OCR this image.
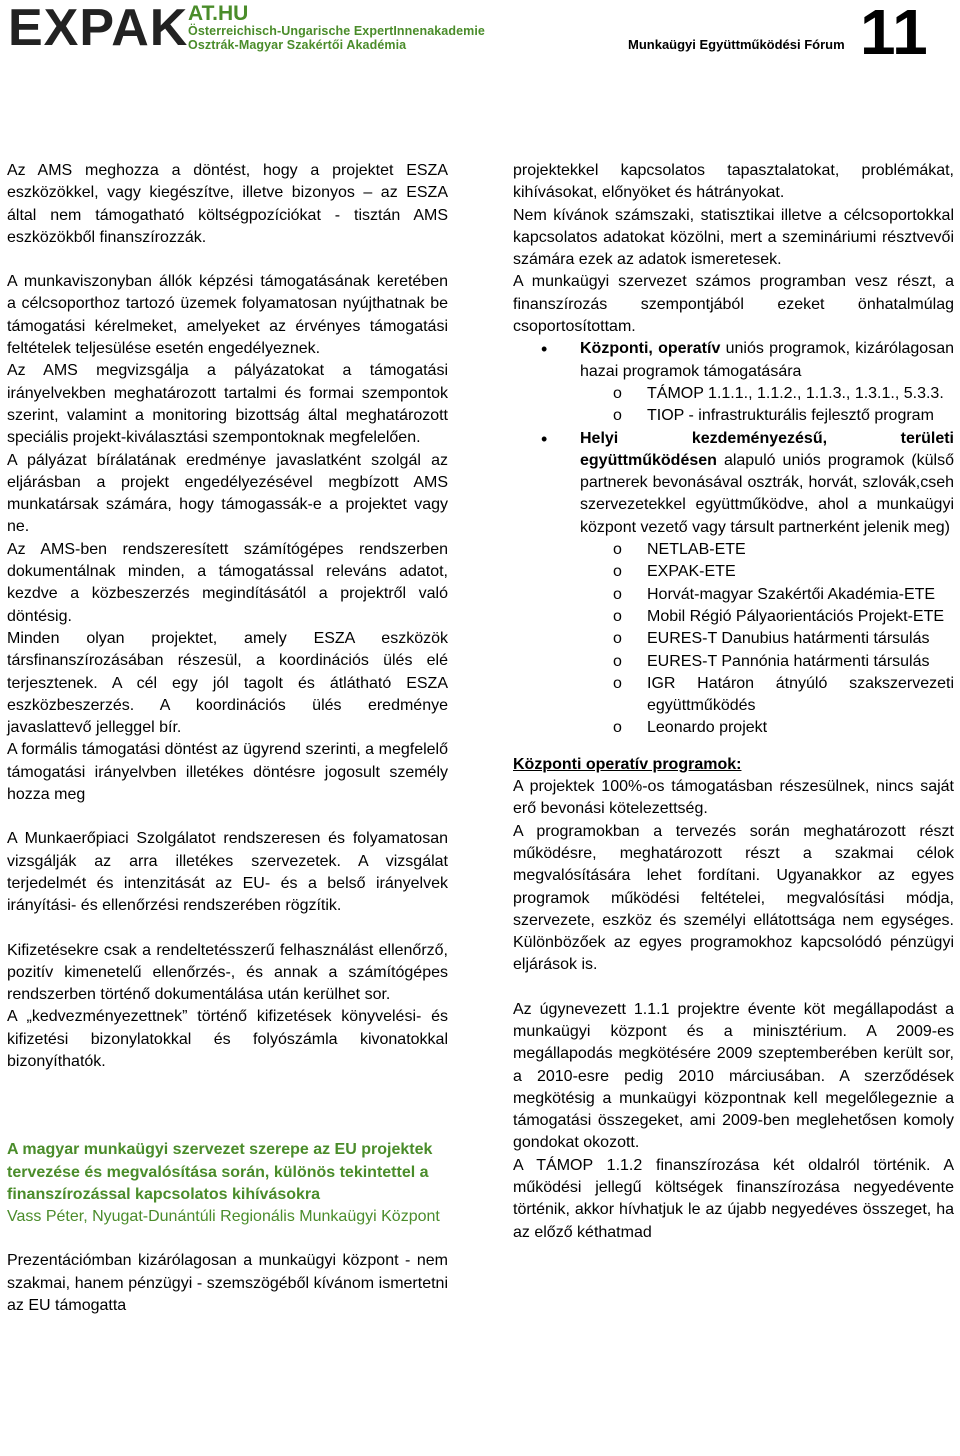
EXPAK AT.HU
Österreichisch-Ungarische ExpertInnenakademie
Osztrák-Magyar Szakértői Akadémia	Munkaügyi Együttműködési Fórum 11

Az AMS meghozza a döntést, hogy a projektet ESZA eszközökkel, vagy kiegészítve, illetve bizonyos – az ESZA által nem támogatható költségpozíciókat - tisztán AMS eszközökből finanszírozzák.

A munkaviszonyban állók képzési támogatásának keretében a célcsoporthoz tartozó üzemek folyamatosan nyújthatnak be támogatási kérelmeket, amelyeket az érvényes támogatási feltételek teljesülése esetén engedélyeznek.

Az AMS megvizsgálja a pályázatokat a támogatási irányelvekben meghatározott tartalmi és formai szempontok szerint, valamint a monitoring bizottság által meghatározott speciális projekt-kiválasztási szempontoknak megfelelően.

A pályázat bírálatának eredménye javaslatként szolgál az eljárásban a projekt engedélyezésével megbízott AMS munkatársak számára, hogy támogassák-e a projektet vagy ne.

Az AMS-ben rendszeresített számítógépes rendszerben dokumentálnak minden, a támogatással releváns adatot, kezdve a közbeszerzés megindításától a projektről való döntésig.

Minden olyan projektet, amely ESZA eszközök társfinanszírozásában részesül, a koordinációs ülés elé terjesztenek. A cél egy jól tagolt és átlátható ESZA eszközbeszerzés. A koordinációs ülés eredménye javaslattevő jelleggel bír.

A formális támogatási döntést az ügyrend szerinti, a megfelelő támogatási irányelvben illetékes döntésre jogosult személy hozza meg

A Munkaerőpiaci Szolgálatot rendszeresen és folyamatosan vizsgálják az arra illetékes szervezetek. A vizsgálat terjedelmét és intenzitását az EU- és a belső irányelvek irányítási- és ellenőrzési rendszerében rögzítik.

Kifizetésekre csak a rendeltetésszerű felhasználást ellenőrző, pozitív kimenetelű ellenőrzés-, és annak a számítógépes rendszerben történő dokumentálása után kerülhet sor.

A „kedvezményezettnek” történő kifizetések könyvelési- és kifizetési bizonylatokkal és folyószámla kivonatokkal bizonyíthatók.

A magyar munkaügyi szervezet szerepe az EU projektek tervezése és megvalósítása során, különös tekintettel a finanszírozással kapcsolatos kihívásokra

Vass Péter, Nyugat-Dunántúli Regionális Munkaügyi Központ

Prezentációmban kizárólagosan a munkaügyi központ - nem szakmai, hanem pénzügyi - szemszögéből kívánom ismertetni az EU támogatta

projektekkel kapcsolatos tapasztalatokat, problémákat, kihívásokat, előnyöket és hátrányokat.

Nem kívánok számszaki, statisztikai illetve a célcsoportokkal kapcsolatos adatokat közölni, mert a szemináriumi résztvevői számára ezek az adatok ismeretesek.

A munkaügyi szervezet számos programban vesz részt, a finanszírozás szempontjából ezeket önhatalmúlag csoportosítottam.

• Központi, operatív uniós programok, kizárólagosan hazai programok támogatására
o TÁMOP 1.1.1., 1.1.2., 1.1.3., 1.3.1., 5.3.3.
o TIOP - infrastrukturális fejlesztő program
• Helyi kezdeményezésű, területi együttműködésen alapuló uniós programok (külső partnerek bevonásával osztrák, horvát, szlovák,cseh szervezetekkel együttműködve, ahol a munkaügyi központ vezető vagy társult partnerként jelenik meg)
o NETLAB-ETE
o EXPAK-ETE
o Horvát-magyar Szakértői Akadémia-ETE
o Mobil Régió Pályaorientációs Projekt-ETE
o EURES-T Danubius határmenti társulás
o EURES-T Pannónia határmenti társulás
o IGR Határon átnyúló szakszervezeti együttműködés
o Leonardo projekt

Központi operatív programok:

A projektek 100%-os támogatásban részesülnek, nincs saját erő bevonási kötelezettség.

A programokban a tervezés során meghatározott részt működésre, meghatározott részt a szakmai célok megvalósítására lehet fordítani. Ugyanakkor az egyes programok működési feltételei, megvalósítási módja, szervezete, eszköz és személyi ellátottsága nem egységes. Különbözőek az egyes programokhoz kapcsolódó pénzügyi eljárások is.

Az úgynevezett 1.1.1 projektre évente köt megállapodást a munkaügyi központ és a minisztérium. A 2009-es megállapodás megkötésére 2009 szeptemberében került sor, a 2010-esre pedig 2010 márciusában. A szerződések megkötésig a munkaügyi központnak kell megelőlegeznie a támogatási összegeket, ami 2009-ben meglehetősen komoly gondokat okozott.

A TÁMOP 1.1.2 finanszírozása két oldalról történik. A működési jellegű költségek finanszírozása negyedévente történik, akkor hívhatjuk le az újabb negyedéves összeget, ha az előző kéthatmad
